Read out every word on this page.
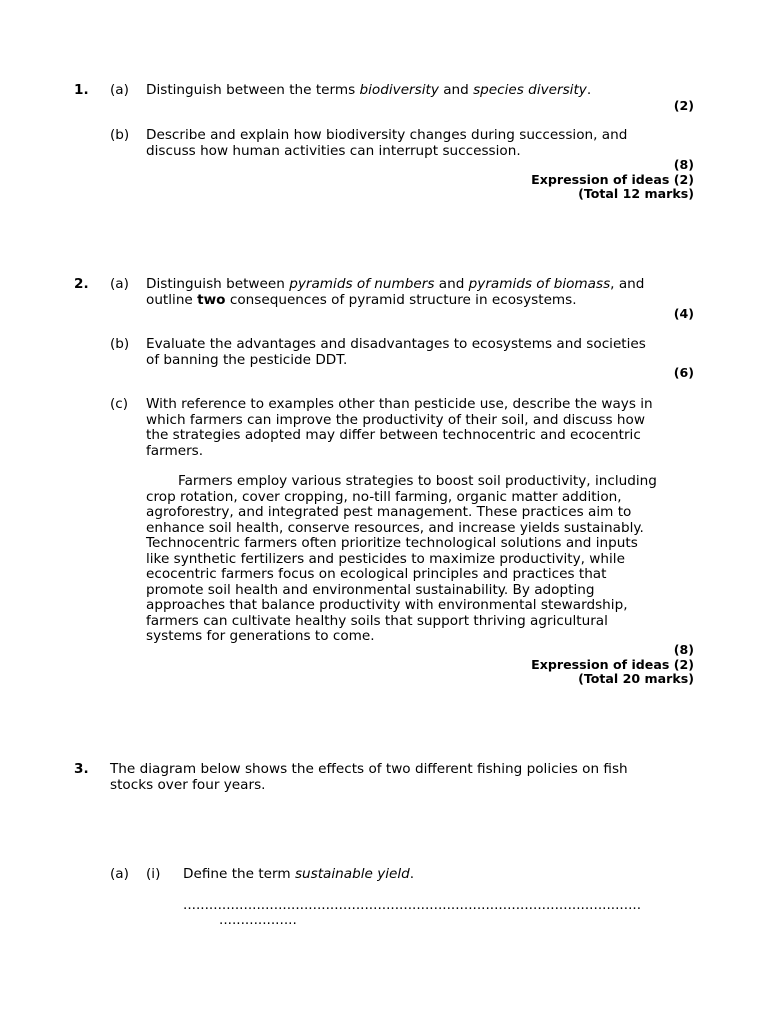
1. (a) Distinguish between the terms biodiversity and species diversity.
(2)
(b) Describe and explain how biodiversity changes during succession, and discuss how human activities can interrupt succession.
(8)
Expression of ideas (2)
(Total 12 marks)
2. (a) Distinguish between pyramids of numbers and pyramids of biomass, and outline two consequences of pyramid structure in ecosystems.
(4)
(b) Evaluate the advantages and disadvantages to ecosystems and societies of banning the pesticide DDT.
(6)
(c) With reference to examples other than pesticide use, describe the ways in which farmers can improve the productivity of their soil, and discuss how the strategies adopted may differ between technocentric and ecocentric farmers.
Farmers employ various strategies to boost soil productivity, including crop rotation, cover cropping, no-till farming, organic matter addition, agroforestry, and integrated pest management. These practices aim to enhance soil health, conserve resources, and increase yields sustainably. Technocentric farmers often prioritize technological solutions and inputs like synthetic fertilizers and pesticides to maximize productivity, while ecocentric farmers focus on ecological principles and practices that promote soil health and environmental sustainability. By adopting approaches that balance productivity with environmental stewardship, farmers can cultivate healthy soils that support thriving agricultural systems for generations to come.
(8)
Expression of ideas (2)
(Total 20 marks)
3. The diagram below shows the effects of two different fishing policies on fish stocks over four years.
(a) (i) Define the term sustainable yield.
..........................................................................................................
..................
